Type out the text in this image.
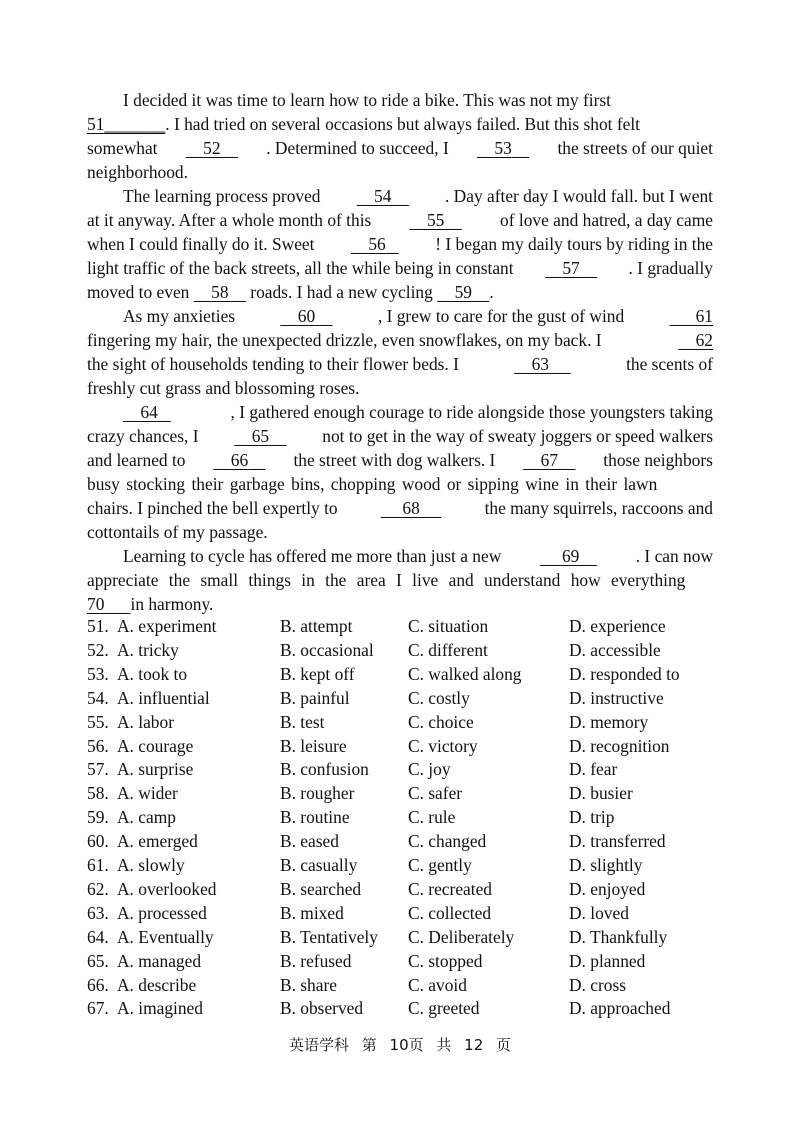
I decided it was time to learn how to ride a bike. This was not my first
51_______. I had tried on several occasions but always failed. But this shot felt
somewhat	52	. Determined to succeed, I	53	the streets of our quiet
neighborhood.
The learning process proved	54	. Day after day I would fall. but I went
at it anyway. After a whole month of this	55	of love and hatred, a day came
when I could finally do it. Sweet	56	! I began my daily tours by riding in the
light traffic of the back streets, all the while being in constant	57	. I gradually
moved to even 58 roads. I had a new cycling 59 .
As my anxieties	60	, I grew to care for the gust of wind	61
fingering my hair, the unexpected drizzle, even snowflakes, on my back. I	62
the sight of households tending to their flower beds. I	63	the scents of
freshly cut grass and blossoming roses.
64	, I gathered enough courage to ride alongside those youngsters taking
crazy chances, I	65	not to get in the way of sweaty joggers or speed walkers
and learned to	66	the street with dog walkers. I	67	those neighbors
busy stocking their garbage bins, chopping wood or sipping wine in their lawn
chairs. I pinched the bell expertly to	68	the many squirrels, raccoons and
cottontails of my passage.
Learning to cycle has offered me more than just a new	69	. I can now
appreciate the small things in the area I live and understand how everything
70 in harmony.
51. A. experiment	B. attempt	C. situation	D. experience
52. A. tricky	B. occasional C. different	D. accessible
53. A. took to	B. kept off	C. walked along	D. responded to
54. A. influential	B. painful	C. costly	D. instructive
55. A. labor	B. test	C. choice	D. memory
56. A. courage	B. leisure	C. victory	D. recognition
57. A. surprise	B. confusion C. joy	D. fear
58. A. wider	B. rougher	C. safer	D. busier
59. A. camp	B. routine	C. rule	D. trip
60. A. emerged	B. eased	C. changed	D. transferred
61. A. slowly	B. casually	C. gently	D. slightly
62. A. overlooked	B. searched	C. recreated	D. enjoyed
63. A. processed	B. mixed	C. collected	D. loved
64. A. Eventually	B. Tentatively C. Deliberately	D. Thankfully
65. A. managed	B. refused	C. stopped	D. planned
66. A. describe	B. share	C. avoid	D. cross
67. A. imagined	B. observed	C. greeted	D. approached
英语学科 第 10页 共 12 页
